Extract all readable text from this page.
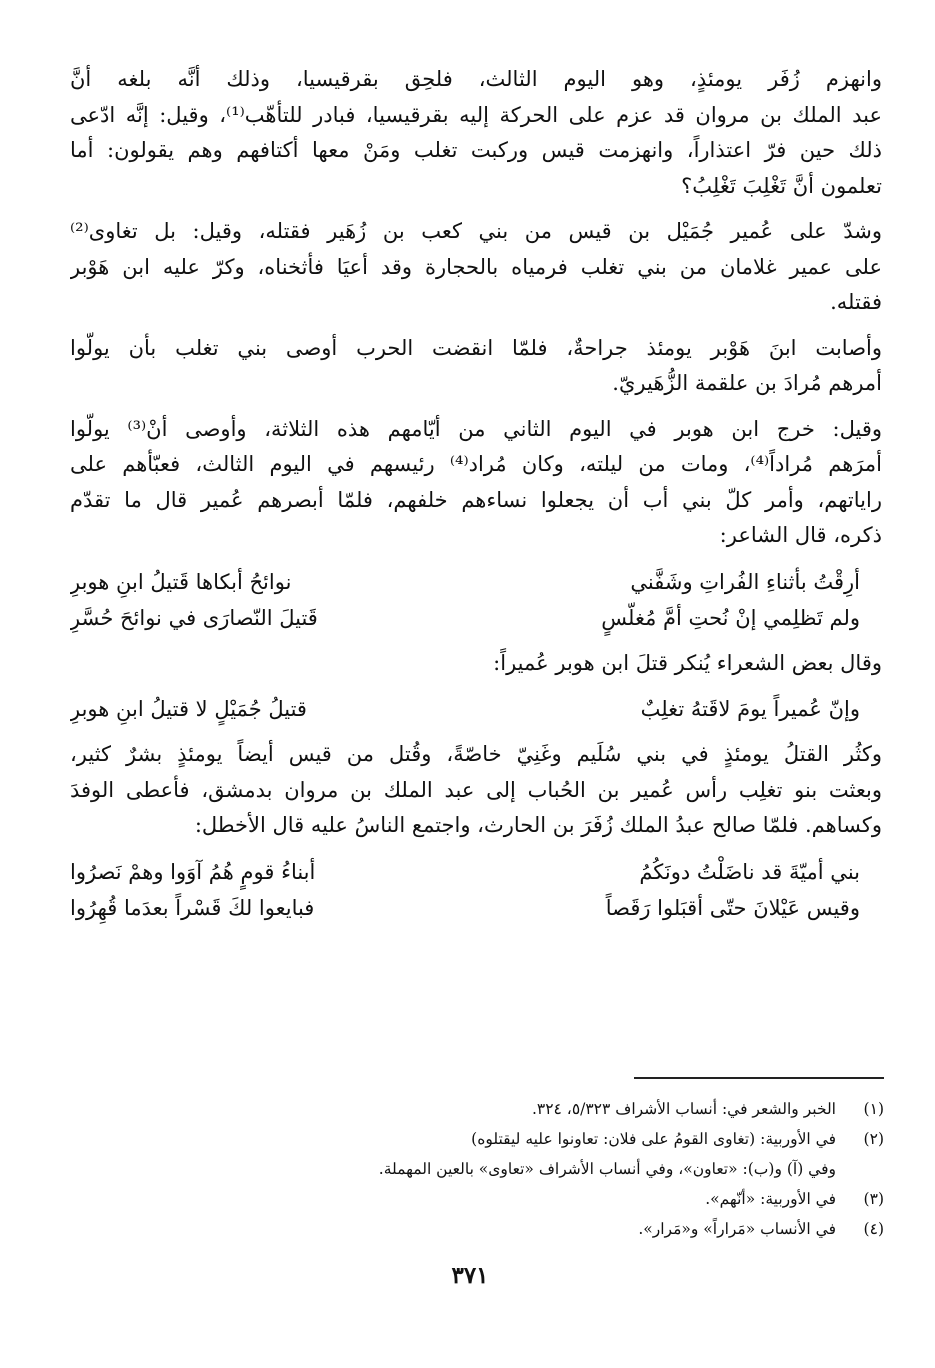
وانهزم زُفَر يومئذٍ، وهو اليوم الثالث، فلحِق بقرقيسيا، وذلك أنَّه بلغه أنَّ
عبد الملك بن مروان قد عزم على الحركة إليه بقرقيسيا، فبادر للتأهّب⁽¹⁾، وقيل: إنَّه ادّعى
ذلك حين فرّ اعتذاراً، وانهزمت قيس وركبت تغلب ومَنْ معها أكتافهم وهم يقولون: أما
تعلمون أنَّ تَغْلِبَ تَغْلِبُ؟
وشدّ على عُمير جُمَيْل بن قيس من بني كعب بن زُهَير فقتله، وقيل: بل تغاوى⁽²⁾
على عمير غلامان من بني تغلب فرمياه بالحجارة وقد أعيَا فأثخناه، وكرّ عليه ابن هَوْبر
فقتله.
وأصابت ابنَ هَوْبر يومئذ جراحةٌ، فلمّا انقضت الحرب أوصى بني تغلب بأن يولّوا
أمرهم مُرادَ بن علقمة الزُّهَيريّ.
وقيل: خرج ابن هوبر في اليوم الثاني من أيّامهم هذه الثلاثة، وأوصى أنْ⁽³⁾ يولّوا
أمرَهم مُراداً⁽⁴⁾، ومات من ليلته، وكان مُراد⁽⁴⁾ رئيسهم في اليوم الثالث، فعبّأهم على
راياتهم، وأمر كلّ بني أب أن يجعلوا نساءهم خلفهم، فلمّا أبصرهم عُمير قال ما تقدّم
ذكره، قال الشاعر:
أرِقْتُ بأثناءِ الفُراتِ وشَفَّني
نوائحُ أبكاها قَتيلُ ابنِ هوبرِ
ولم تَظلِمي إنْ نُحتِ أمَّ مُغلّسٍ
قَتيلَ النّصارَى في نوائحَ حُسَّرِ
وقال بعض الشعراء يُنكر قتلَ ابن هوبر عُميراً:
وإنّ عُميراً يومَ لاقَتهُ تغلِبٌ
قتيلُ جُمَيْلٍ لا قتيلُ ابنِ هوبرِ
وكثُر القتلُ يومئذٍ في بني سُلَيم وغَنِيّ خاصّةً، وقُتل من قيس أيضاً يومئذٍ بشرٌ كثير،
وبعثت بنو تغلِب رأس عُمير بن الحُباب إلى عبد الملك بن مروان بدمشق، فأعطى الوفدَ
وكساهم. فلمّا صالح عبدُ الملك زُفَرَ بن الحارث، واجتمع الناسُ عليه قال الأخطل:
بني أميّةَ قد ناضَلْتُ دونَكُمُ
أبناءُ قومٍ هُمُ آوَوا وهمْ نَصرُوا
وقيس عَيْلانَ حتّى أقبَلوا رَقَصاً
فبايعوا لكَ قَسْراً بعدَما قُهِرُوا
(١)
الخبر والشعر في: أنساب الأشراف ٥/٣٢٣، ٣٢٤.
(٢)
في الأوربية: (تغاوى القومُ على فلان: تعاونوا عليه ليقتلوه)
وفي (آ) و(ب): «تعاون»، وفي أنساب الأشراف «تعاوى» بالعين المهملة.
(٣)
في الأوربية: «أنّهم».
(٤)
في الأنساب «مَراراً» و«مَرار».
٣٧١
